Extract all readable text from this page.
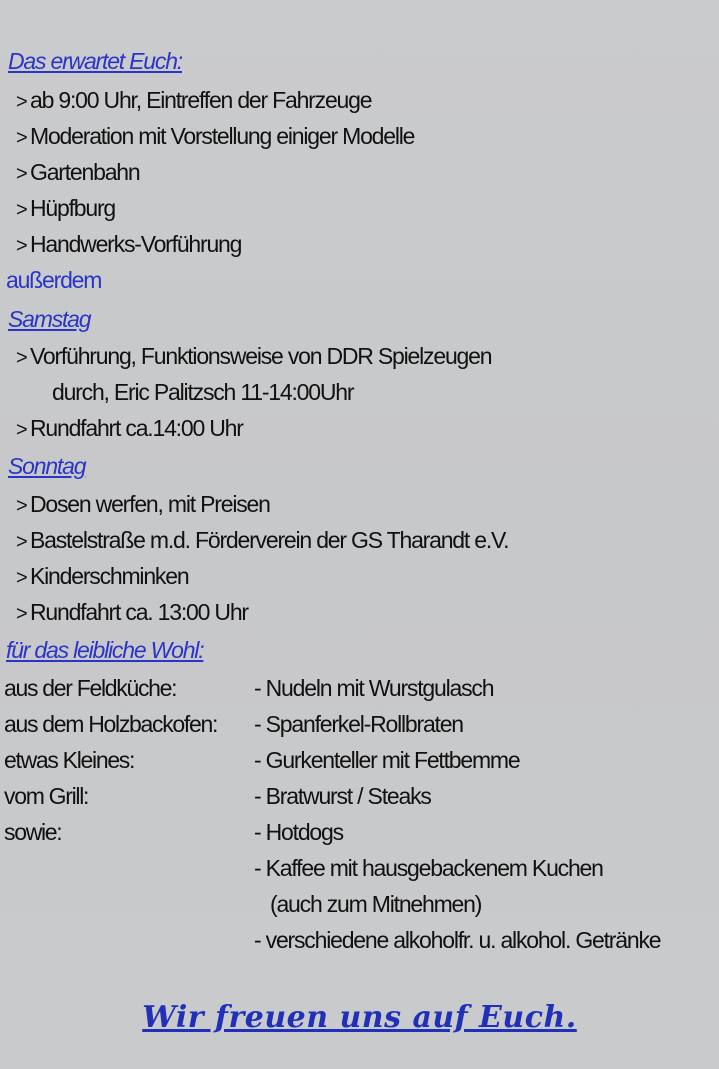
Das erwartet Euch:
> ab 9:00 Uhr, Eintreffen der Fahrzeuge
> Moderation mit Vorstellung einiger Modelle
> Gartenbahn
> Hüpfburg
> Handwerks-Vorführung
außerdem
Samstag
> Vorführung, Funktionsweise von DDR Spielzeugen
durch, Eric Palitzsch 11-14:00Uhr
> Rundfahrt ca.14:00 Uhr
Sonntag
> Dosen werfen, mit Preisen
> Bastelstraße m.d. Förderverein der GS Tharandt e.V.
> Kinderschminken
> Rundfahrt ca. 13:00 Uhr
für das leibliche Wohl:
aus der Feldküche:	- Nudeln mit Wurstgulasch
aus dem Holzbackofen: - Spanferkel-Rollbraten
etwas Kleines:	- Gurkenteller mit Fettbemme
vom Grill:	- Bratwurst / Steaks
sowie:	- Hotdogs
- Kaffee mit hausgebackenem Kuchen
(auch zum Mitnehmen)
- verschiedene alkoholfr. u. alkohol. Getränke
Wir freuen uns auf Euch.
